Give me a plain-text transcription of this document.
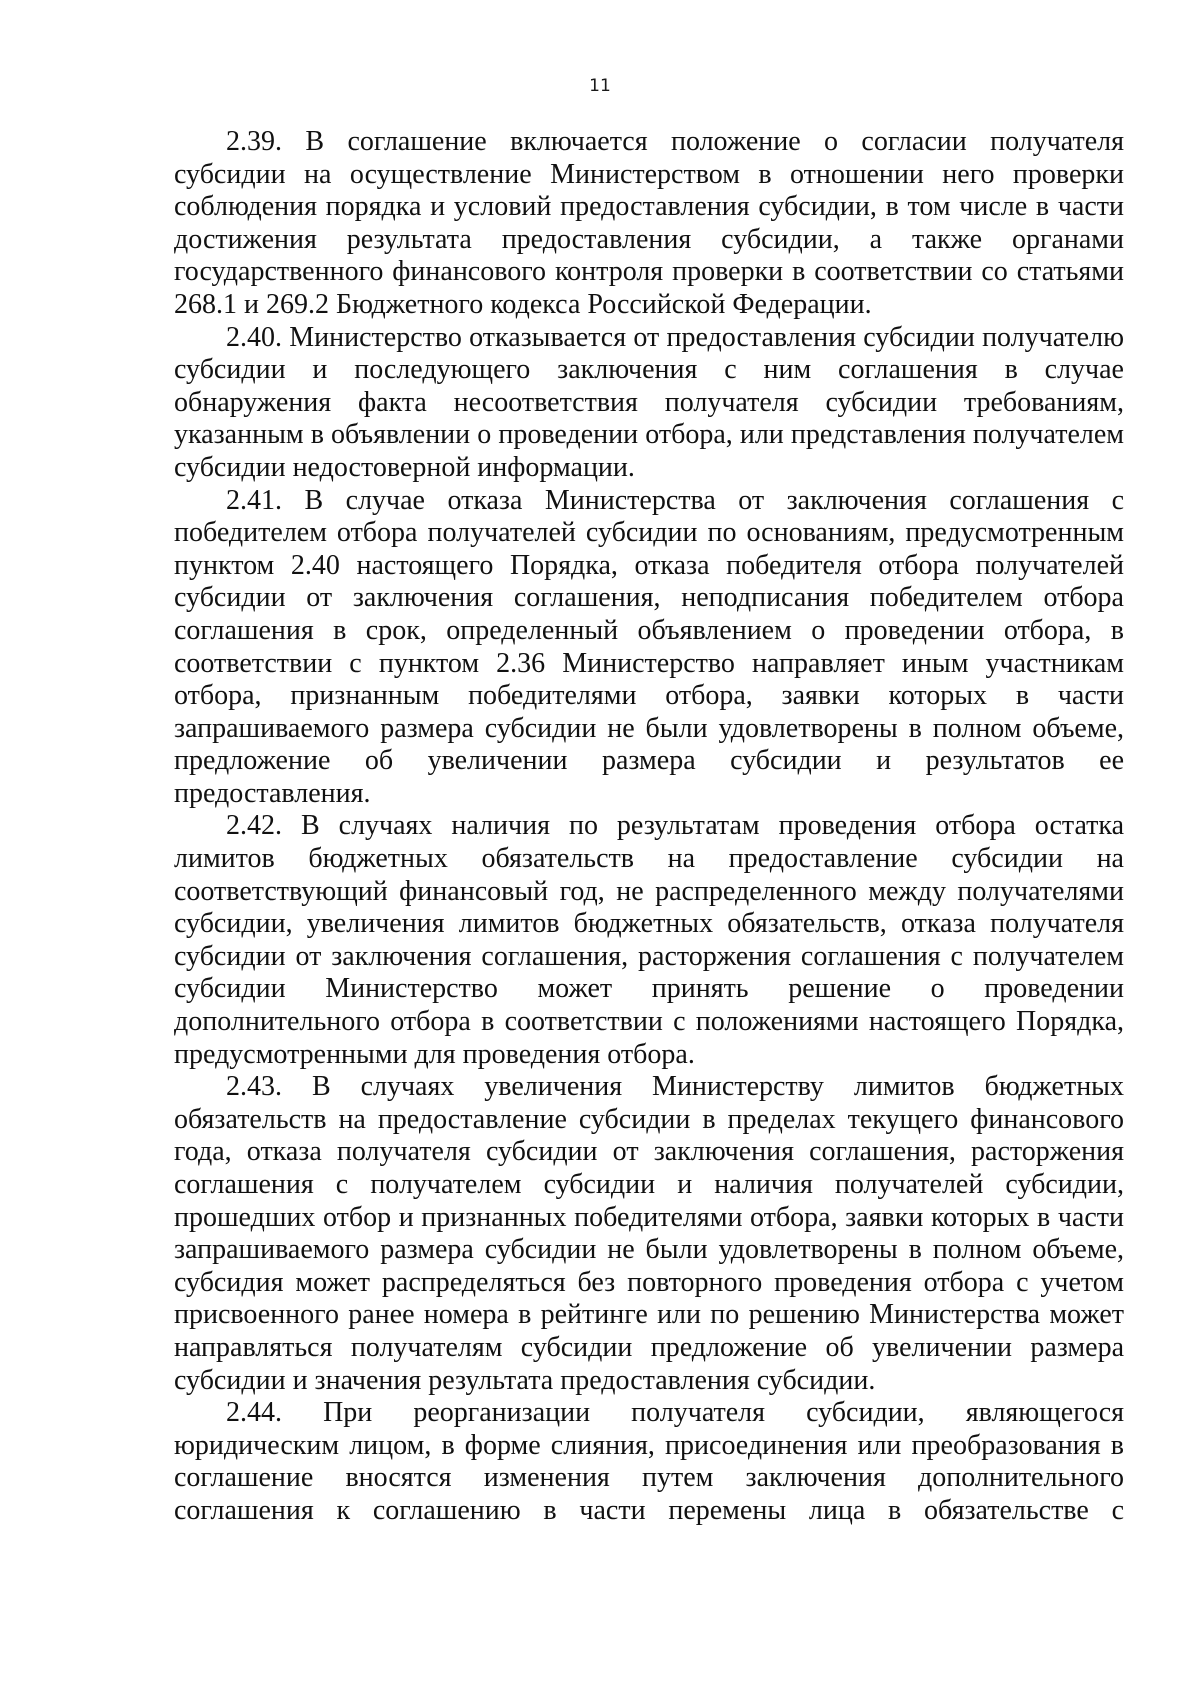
11

2.39. В соглашение включается положение о согласии получателя субсидии на осуществление Министерством в отношении него проверки соблюдения порядка и условий предоставления субсидии, в том числе в части достижения результата предоставления субсидии, а также органами государственного финансового контроля проверки в соответствии со статьями 268.1 и 269.2 Бюджетного кодекса Российской Федерации.

2.40. Министерство отказывается от предоставления субсидии получателю субсидии и последующего заключения с ним соглашения в случае обнаружения факта несоответствия получателя субсидии требованиям, указанным в объявлении о проведении отбора, или представления получателем субсидии недостоверной информации.

2.41. В случае отказа Министерства от заключения соглашения с победителем отбора получателей субсидии по основаниям, предусмотренным пунктом 2.40 настоящего Порядка, отказа победителя отбора получателей субсидии от заключения соглашения, неподписания победителем отбора соглашения в срок, определенный объявлением о проведении отбора, в соответствии с пунктом 2.36 Министерство направляет иным участникам отбора, признанным победителями отбора, заявки которых в части запрашиваемого размера субсидии не были удовлетворены в полном объеме, предложение об увеличении размера субсидии и результатов ее предоставления.

2.42. В случаях наличия по результатам проведения отбора остатка лимитов бюджетных обязательств на предоставление субсидии на соответствующий финансовый год, не распределенного между получателями субсидии, увеличения лимитов бюджетных обязательств, отказа получателя субсидии от заключения соглашения, расторжения соглашения с получателем субсидии Министерство может принять решение о проведении дополнительного отбора в соответствии с положениями настоящего Порядка, предусмотренными для проведения отбора.

2.43. В случаях увеличения Министерству лимитов бюджетных обязательств на предоставление субсидии в пределах текущего финансового года, отказа получателя субсидии от заключения соглашения, расторжения соглашения с получателем субсидии и наличия получателей субсидии, прошедших отбор и признанных победителями отбора, заявки которых в части запрашиваемого размера субсидии не были удовлетворены в полном объеме, субсидия может распределяться без повторного проведения отбора с учетом присвоенного ранее номера в рейтинге или по решению Министерства может направляться получателям субсидии предложение об увеличении размера субсидии и значения результата предоставления субсидии.

2.44. При реорганизации получателя субсидии, являющегося юридическим лицом, в форме слияния, присоединения или преобразования в соглашение вносятся изменения путем заключения дополнительного соглашения к соглашению в части перемены лица в обязательстве с
